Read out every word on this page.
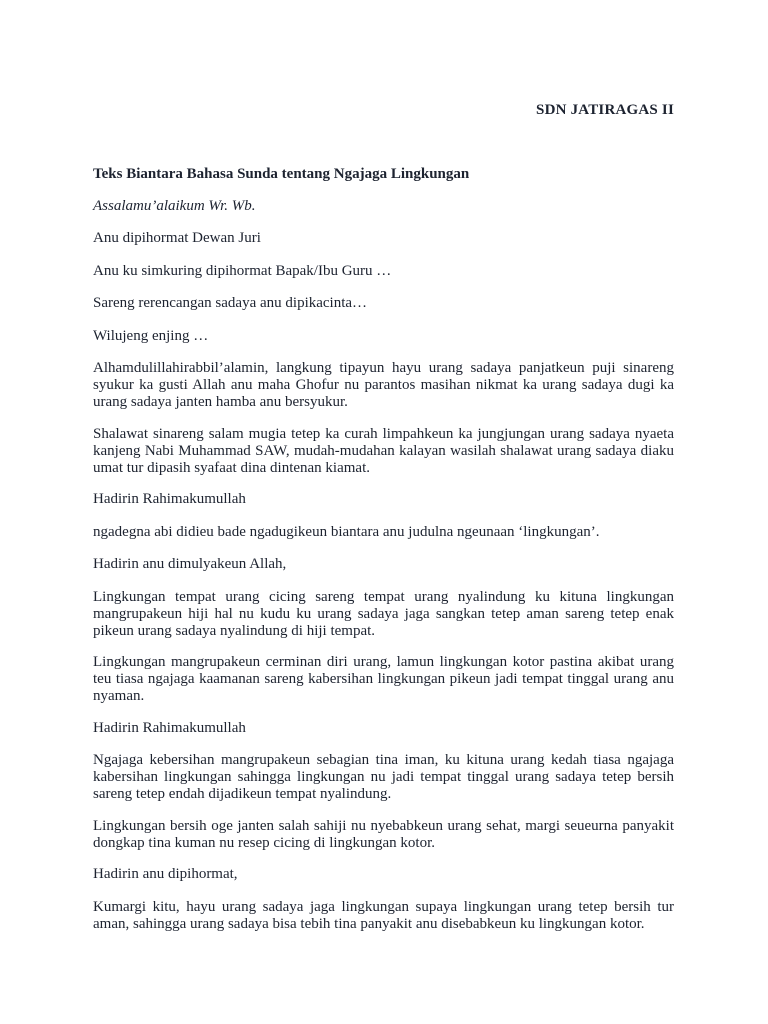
SDN JATIRAGAS II

Teks Biantara Bahasa Sunda tentang Ngajaga Lingkungan

Assalamu’alaikum Wr. Wb.

Anu dipihormat Dewan Juri

Anu ku simkuring dipihormat Bapak/Ibu Guru …

Sareng rerencangan sadaya anu dipikacinta…

Wilujeng enjing …

Alhamdulillahirabbil’alamin, langkung tipayun hayu urang sadaya panjatkeun puji sinareng syukur ka gusti Allah anu maha Ghofur nu parantos masihan nikmat ka urang sadaya dugi ka urang sadaya janten hamba anu bersyukur.

Shalawat sinareng salam mugia tetep ka curah limpahkeun ka jungjungan urang sadaya nyaeta kanjeng Nabi Muhammad SAW, mudah-mudahan kalayan wasilah shalawat urang sadaya diaku umat tur dipasih syafaat dina dintenan kiamat.

Hadirin Rahimakumullah

ngadegna abi didieu bade ngadugikeun biantara anu judulna ngeunaan ‘lingkungan’.

Hadirin anu dimulyakeun Allah,

Lingkungan tempat urang cicing sareng tempat urang nyalindung ku kituna lingkungan mangrupakeun hiji hal nu kudu ku urang sadaya jaga sangkan tetep aman sareng tetep enak pikeun urang sadaya nyalindung di hiji tempat.

Lingkungan mangrupakeun cerminan diri urang, lamun lingkungan kotor pastina akibat urang teu tiasa ngajaga kaamanan sareng kabersihan lingkungan pikeun jadi tempat tinggal urang anu nyaman.

Hadirin Rahimakumullah

Ngajaga kebersihan mangrupakeun sebagian tina iman, ku kituna urang kedah tiasa ngajaga kabersihan lingkungan sahingga lingkungan nu jadi tempat tinggal urang sadaya tetep bersih sareng tetep endah dijadikeun tempat nyalindung.

Lingkungan bersih oge janten salah sahiji nu nyebabkeun urang sehat, margi seueurna panyakit dongkap tina kuman nu resep cicing di lingkungan kotor.

Hadirin anu dipihormat,

Kumargi kitu, hayu urang sadaya jaga lingkungan supaya lingkungan urang tetep bersih tur aman, sahingga urang sadaya bisa tebih tina panyakit anu disebabkeun ku lingkungan kotor.
